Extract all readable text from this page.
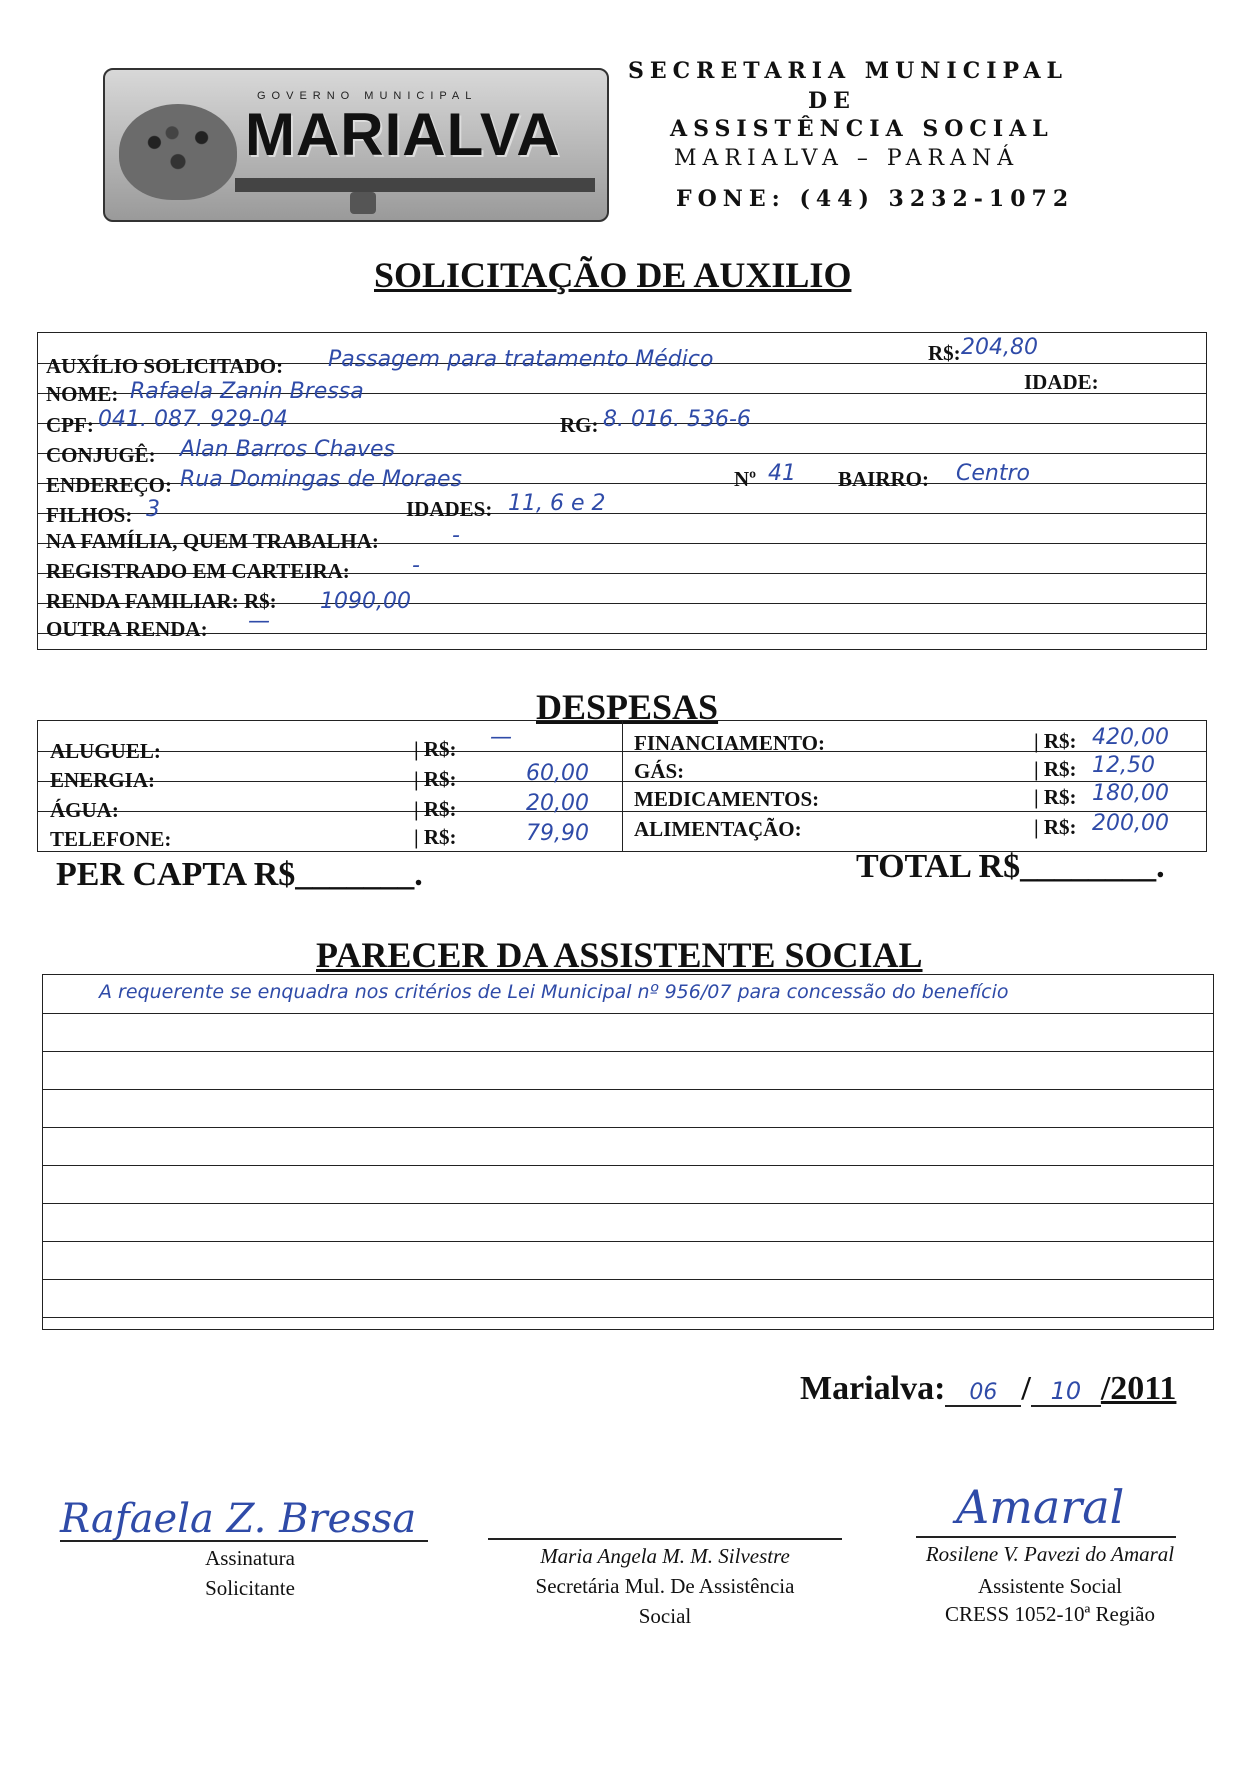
GOVERNO MUNICIPAL
MARIALVA
SECRETARIA MUNICIPAL
DE
ASSISTÊNCIA SOCIAL
MARIALVA – PARANÁ
FONE: (44) 3232-1072
SOLICITAÇÃO DE AUXILIO
AUXÍLIO SOLICITADO: Passagem para tratamento Médico	R$: 204,80
IDADE:
NOME: Rafaela Zanin Bressa
CPF: 041. 087. 929-04	RG: 8. 016. 536-6
CONJUGÊ: Alan Barros Chaves
ENDEREÇO: Rua Domingas de Moraes	Nº 41 BAIRRO: Centro
FILHOS: 3	IDADES: 11, 6 e 2
NA FAMÍLIA, QUEM TRABALHA:	-
REGISTRADO EM CARTEIRA:	-
RENDA FAMILIAR: R$: 1090,00
OUTRA RENDA: —
DESPESAS
ALUGUEL:	| R$: —
ENERGIA:	| R$:	60,00
ÁGUA:	| R$:	20,00
TELEFONE:	| R$:	79,90
FINANCIAMENTO:	| R$: 420,00
GÁS:	| R$: 12,50
MEDICAMENTOS:	| R$: 180,00
ALIMENTAÇÃO:	| R$: 200,00
PER CAPTA R$_______.	TOTAL R$________.
PARECER DA ASSISTENTE SOCIAL
A requerente se enquadra nos critérios de Lei Municipal nº 956/07 para concessão do benefício
Marialva: 06 / 10 /2011
Rafaela Z. Bressa
Assinatura
Solicitante
Maria Angela M. M. Silvestre
Secretária Mul. De Assistência
Social
Amaral
Rosilene V. Pavezi do Amaral
Assistente Social
CRESS 1052-10ª Região
